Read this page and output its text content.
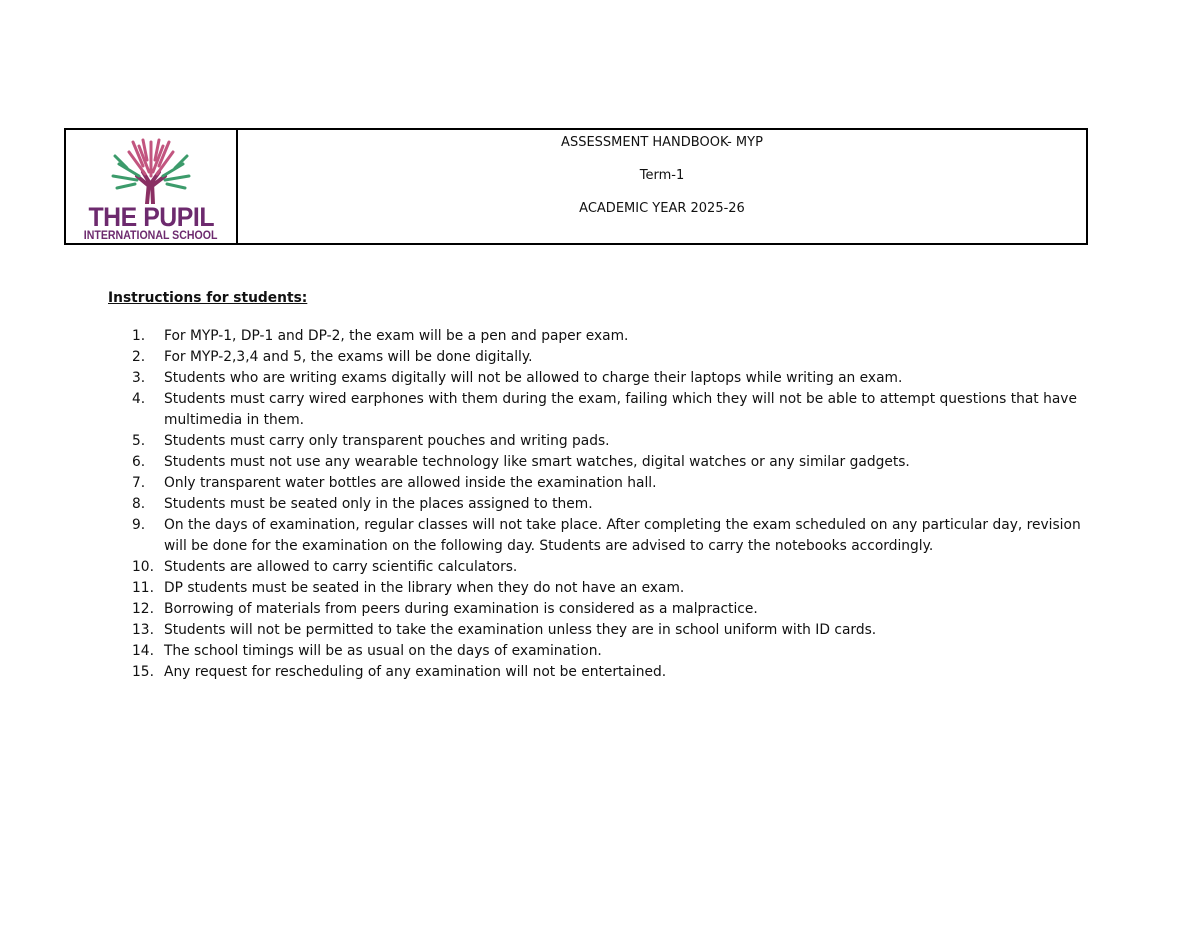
THE PUPIL
INTERNATIONAL SCHOOL
ASSESSMENT HANDBOOK- MYP
Term-1
ACADEMIC YEAR 2025-26

Instructions for students:

For MYP-1, DP-1 and DP-2, the exam will be a pen and paper exam.
For MYP-2,3,4 and 5, the exams will be done digitally.
Students who are writing exams digitally will not be allowed to charge their laptops while writing an exam.
Students must carry wired earphones with them during the exam, failing which they will not be able to attempt questions that have multimedia in them.
Students must carry only transparent pouches and writing pads.
Students must not use any wearable technology like smart watches, digital watches or any similar gadgets.
Only transparent water bottles are allowed inside the examination hall.
Students must be seated only in the places assigned to them.
On the days of examination, regular classes will not take place. After completing the exam scheduled on any particular day, revision will be done for the examination on the following day. Students are advised to carry the notebooks accordingly.
Students are allowed to carry scientific calculators.
DP students must be seated in the library when they do not have an exam.
Borrowing of materials from peers during examination is considered as a malpractice.
Students will not be permitted to take the examination unless they are in school uniform with ID cards.
The school timings will be as usual on the days of examination.
Any request for rescheduling of any examination will not be entertained.
